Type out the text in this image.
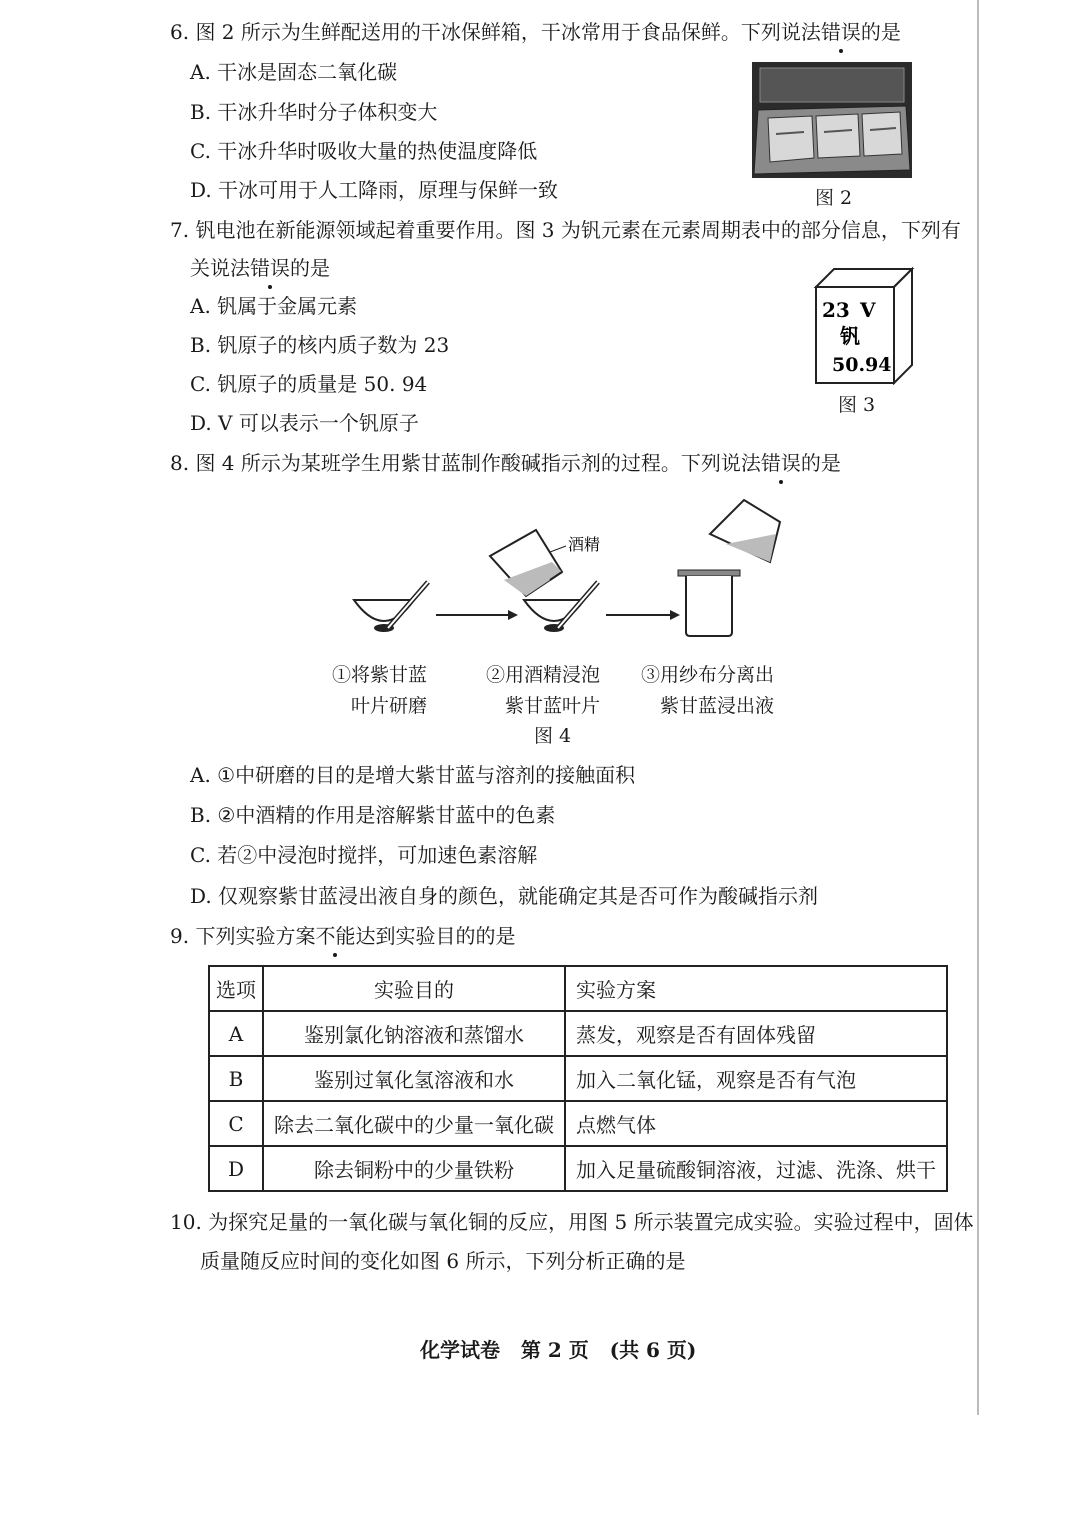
6. 图 2 所示为生鲜配送用的干冰保鲜箱，干冰常用于食品保鲜。下列说法错误的是
A. 干冰是固态二氧化碳
B. 干冰升华时分子体积变大
C. 干冰升华时吸收大量的热使温度降低
D. 干冰可用于人工降雨，原理与保鲜一致	图 2
7. 钒电池在新能源领域起着重要作用。图 3 为钒元素在元素周期表中的部分信息，下列有
关说法错误的是
A. 钒属于金属元素
B. 钒原子的核内质子数为 23
C. 钒原子的质量是 50. 94
D. V 可以表示一个钒原子
23 V
钒
50.94
图 3
8. 图 4 所示为某班学生用紫甘蓝制作酸碱指示剂的过程。下列说法错误的是
酒精
①将紫甘蓝
叶片研磨
②用酒精浸泡
紫甘蓝叶片
③用纱布分离出
紫甘蓝浸出液
图 4
A. ①中研磨的目的是增大紫甘蓝与溶剂的接触面积
B. ②中酒精的作用是溶解紫甘蓝中的色素
C. 若②中浸泡时搅拌，可加速色素溶解
D. 仅观察紫甘蓝浸出液自身的颜色，就能确定其是否可作为酸碱指示剂
9. 下列实验方案不能达到实验目的的是
选项	实验目的	实验方案
A	鉴别氯化钠溶液和蒸馏水	蒸发，观察是否有固体残留
B	鉴别过氧化氢溶液和水	加入二氧化锰，观察是否有气泡
C	除去二氧化碳中的少量一氧化碳	点燃气体
D	除去铜粉中的少量铁粉	加入足量硫酸铜溶液，过滤、洗涤、烘干
10. 为探究足量的一氧化碳与氧化铜的反应，用图 5 所示装置完成实验。实验过程中，固体
质量随反应时间的变化如图 6 所示，下列分析正确的是
化学试卷   第 2 页   (共 6 页)
